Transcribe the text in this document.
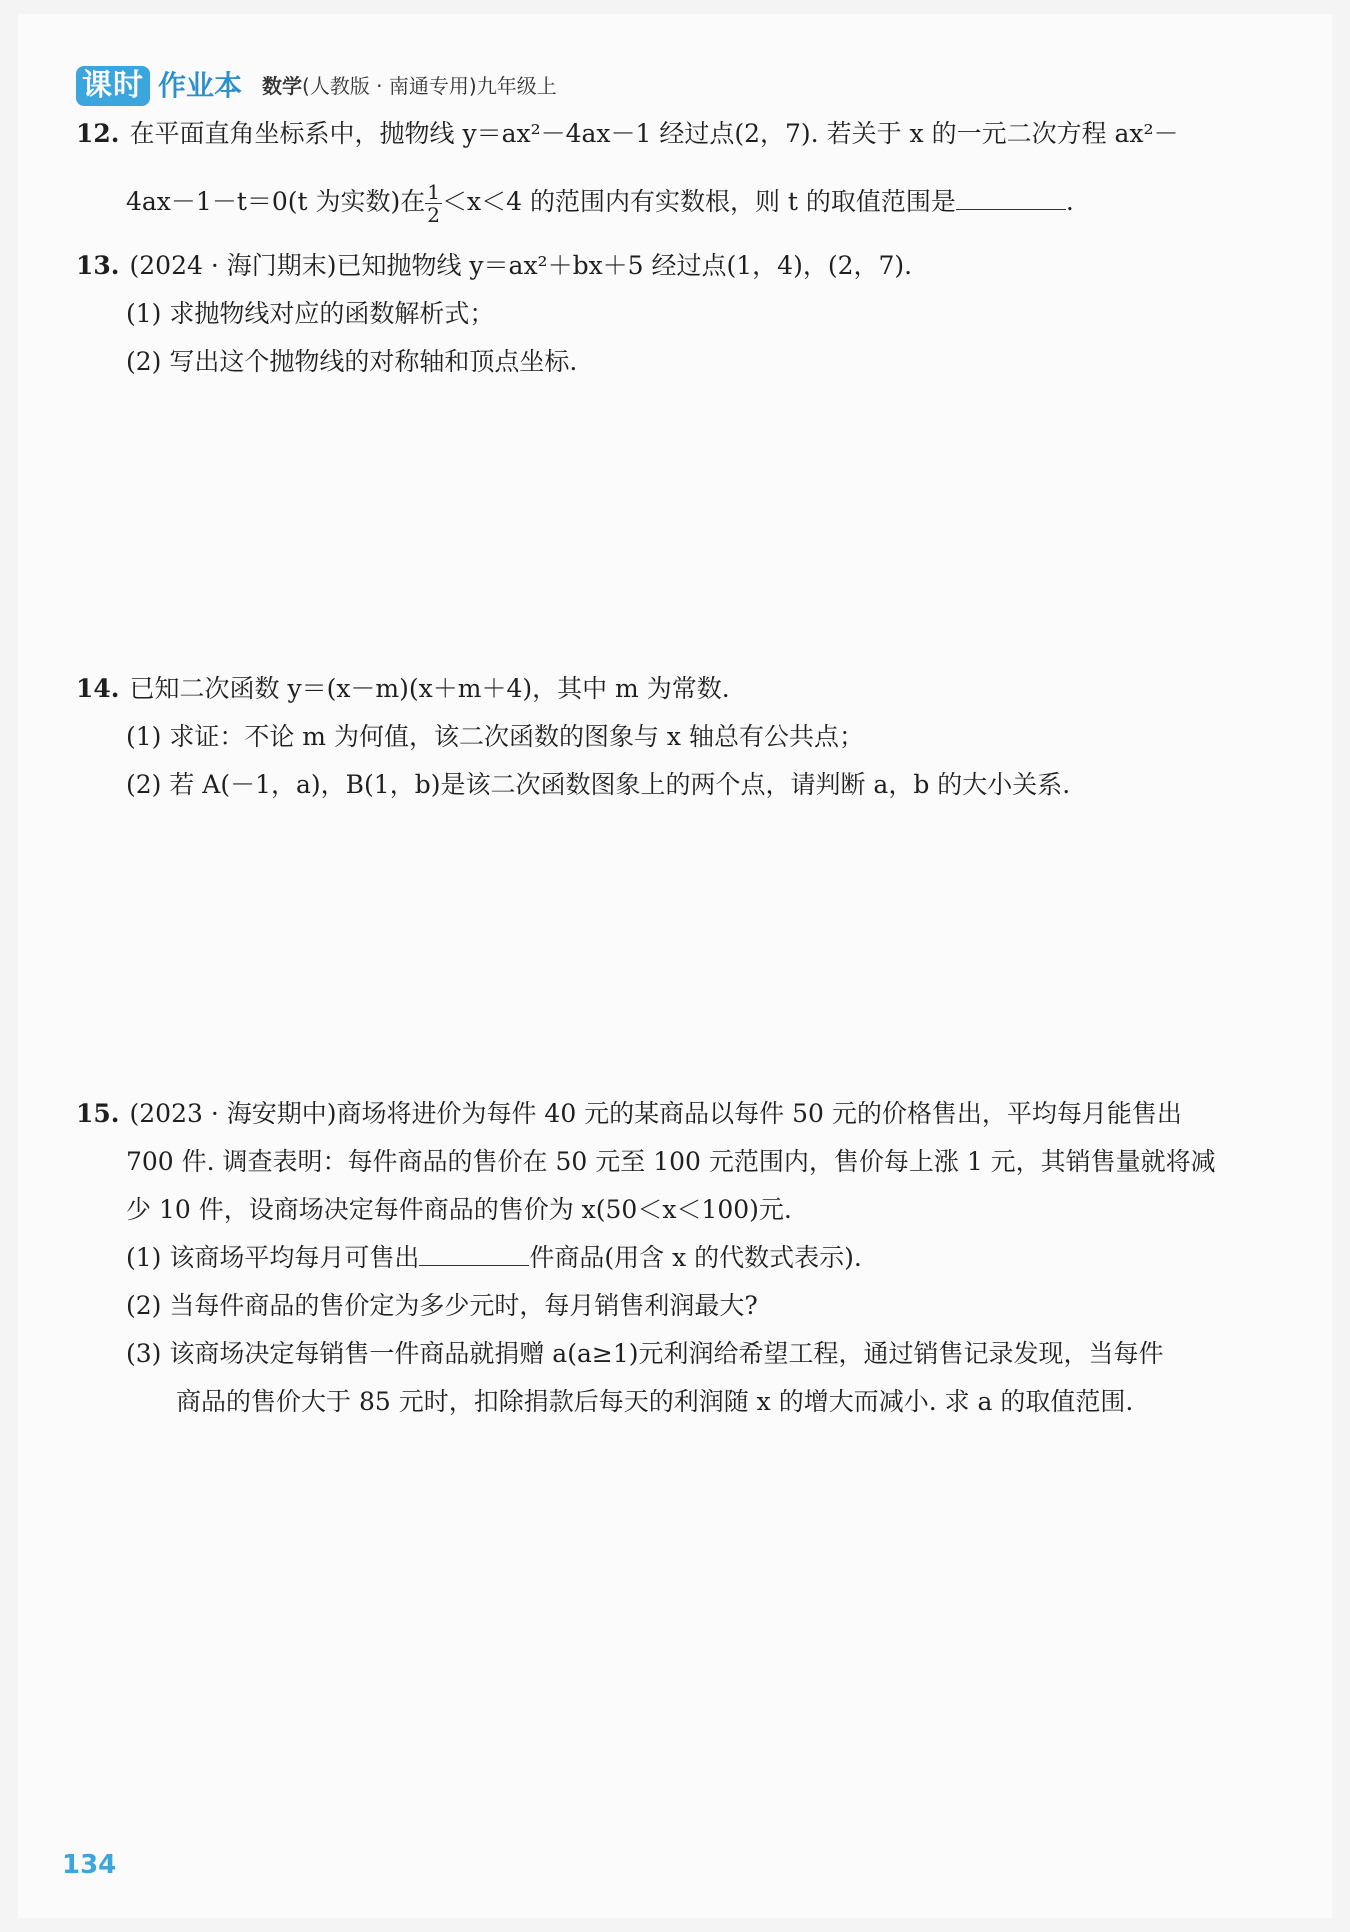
课时 作业本 数学(人教版 · 南通专用)九年级上
12. 在平面直角坐标系中，抛物线 y＝ax²－4ax－1 经过点(2，7). 若关于 x 的一元二次方程 ax²－
4ax－1－t＝0(t 为实数)在 $\frac{1}{2} <x<4$ 的范围内有实数根，则 t 的取值范围是	.
13. (2024 · 海门期末)已知抛物线 y＝ax²＋bx＋5 经过点(1，4)，(2，7).
(1) 求抛物线对应的函数解析式；
(2) 写出这个抛物线的对称轴和顶点坐标.
14. 已知二次函数 y＝(x－m)(x＋m＋4)，其中 m 为常数.
(1) 求证：不论 m 为何值，该二次函数的图象与 x 轴总有公共点；
(2) 若 A(－1，a)，B(1，b)是该二次函数图象上的两个点，请判断 a，b 的大小关系.
15. (2023 · 海安期中)商场将进价为每件 40 元的某商品以每件 50 元的价格售出，平均每月能售出
700 件. 调查表明：每件商品的售价在 50 元至 100 元范围内，售价每上涨 1 元，其销售量就将减
少 10 件，设商场决定每件商品的售价为 x(50＜x＜100)元.
(1) 该商场平均每月可售出	件商品(用含 x 的代数式表示).
(2) 当每件商品的售价定为多少元时，每月销售利润最大?
(3) 该商场决定每销售一件商品就捐赠 a(a≥1)元利润给希望工程，通过销售记录发现，当每件
商品的售价大于 85 元时，扣除捐款后每天的利润随 x 的增大而减小. 求 a 的取值范围.
134
